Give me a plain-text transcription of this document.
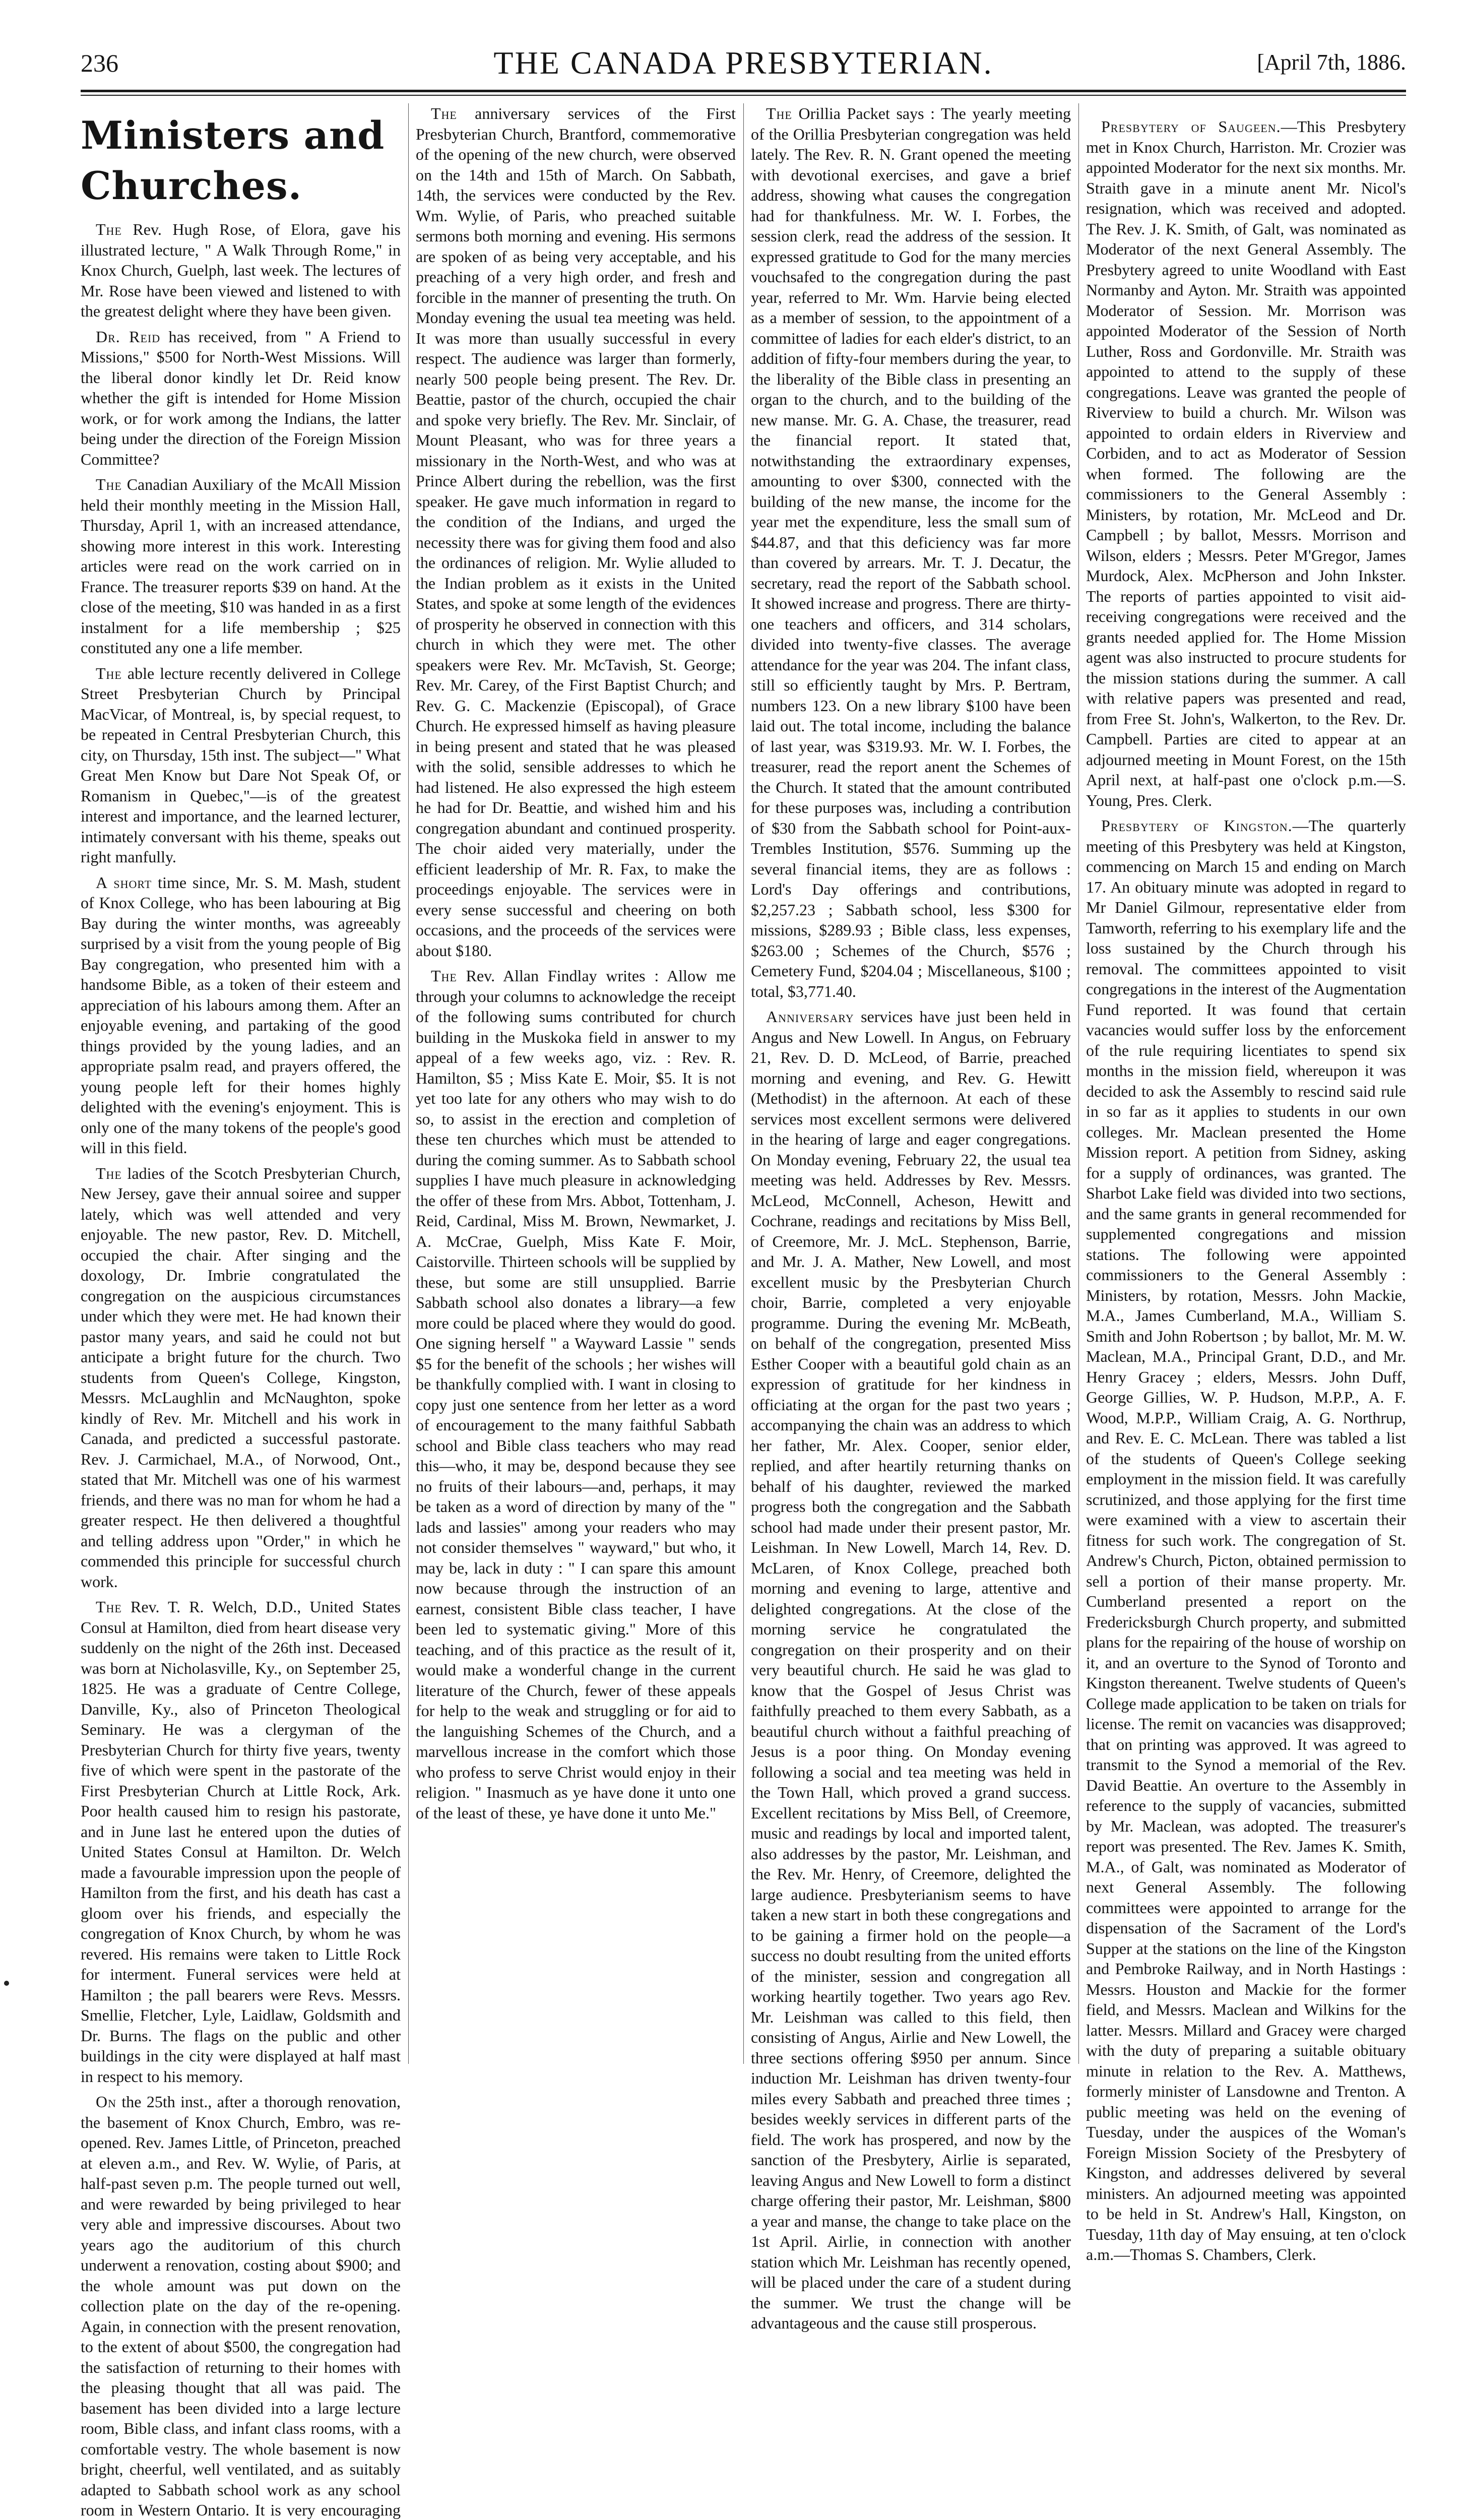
236	THE CANADA PRESBYTERIAN.	[April 7th, 1886.
Ministers and Churches.

The Rev. Hugh Rose, of Elora, gave his illustrated lecture, " A Walk Through Rome," in Knox Church, Guelph, last week. The lectures of Mr. Rose have been viewed and listened to with the greatest delight where they have been given.

Dr. Reid has received, from " A Friend to Missions," $500 for North-West Missions. Will the liberal donor kindly let Dr. Reid know whether the gift is intended for Home Mission work, or for work among the Indians, the latter being under the direction of the Foreign Mission Committee?

The Canadian Auxiliary of the McAll Mission held their monthly meeting in the Mission Hall, Thursday, April 1, with an increased attendance, showing more interest in this work. Interesting articles were read on the work carried on in France. The treasurer reports $39 on hand. At the close of the meeting, $10 was handed in as a first instalment for a life membership ; $25 constituted any one a life member.

The able lecture recently delivered in College Street Presbyterian Church by Principal MacVicar, of Montreal, is, by special request, to be repeated in Central Presbyterian Church, this city, on Thursday, 15th inst. The subject—" What Great Men Know but Dare Not Speak Of, or Romanism in Quebec,"—is of the greatest interest and importance, and the learned lecturer, intimately conversant with his theme, speaks out right manfully.

A short time since, Mr. S. M. Mash, student of Knox College, who has been labouring at Big Bay during the winter months, was agreeably surprised by a visit from the young people of Big Bay congregation, who presented him with a handsome Bible, as a token of their esteem and appreciation of his labours among them. After an enjoyable evening, and partaking of the good things provided by the young ladies, and an appropriate psalm read, and prayers offered, the young people left for their homes highly delighted with the evening's enjoyment. This is only one of the many tokens of the people's good will in this field.

The ladies of the Scotch Presbyterian Church, New Jersey, gave their annual soiree and supper lately, which was well attended and very enjoyable. The new pastor, Rev. D. Mitchell, occupied the chair. After singing and the doxology, Dr. Imbrie congratulated the congregation on the auspicious circumstances under which they were met. He had known their pastor many years, and said he could not but anticipate a bright future for the church. Two students from Queen's College, Kingston, Messrs. McLaughlin and McNaughton, spoke kindly of Rev. Mr. Mitchell and his work in Canada, and predicted a successful pastorate. Rev. J. Carmichael, M.A., of Norwood, Ont., stated that Mr. Mitchell was one of his warmest friends, and there was no man for whom he had a greater respect. He then delivered a thoughtful and telling address upon "Order," in which he commended this principle for successful church work.

The Rev. T. R. Welch, D.D., United States Consul at Hamilton, died from heart disease very suddenly on the night of the 26th inst. Deceased was born at Nicholasville, Ky., on September 25, 1825. He was a graduate of Centre College, Danville, Ky., also of Princeton Theological Seminary. He was a clergyman of the Presbyterian Church for thirty five years, twenty five of which were spent in the pastorate of the First Presbyterian Church at Little Rock, Ark. Poor health caused him to resign his pastorate, and in June last he entered upon the duties of United States Consul at Hamilton. Dr. Welch made a favourable impression upon the people of Hamilton from the first, and his death has cast a gloom over his friends, and especially the congregation of Knox Church, by whom he was revered. His remains were taken to Little Rock for interment. Funeral services were held at Hamilton ; the pall bearers were Revs. Messrs. Smellie, Fletcher, Lyle, Laidlaw, Goldsmith and Dr. Burns. The flags on the public and other buildings in the city were displayed at half mast in respect to his memory.

On the 25th inst., after a thorough renovation, the basement of Knox Church, Embro, was re-opened. Rev. James Little, of Princeton, preached at eleven a.m., and Rev. W. Wylie, of Paris, at half-past seven p.m. The people turned out well, and were rewarded by being privileged to hear very able and impressive discourses. About two years ago the auditorium of this church underwent a renovation, costing about $900; and the whole amount was put down on the collection plate on the day of the re-opening. Again, in connection with the present renovation, to the extent of about $500, the congregation had the satisfaction of returning to their homes with the pleasing thought that all was paid. The basement has been divided into a large lecture room, Bible class, and infant class rooms, with a comfortable vestry. The whole basement is now bright, cheerful, well ventilated, and as suitably adapted to Sabbath school work as any school room in Western Ontario. It is very encouraging

The anniversary services of the First Presbyterian Church, Brantford, commemorative of the opening of the new church, were observed on the 14th and 15th of March. On Sabbath, 14th, the services were conducted by the Rev. Wm. Wylie, of Paris, who preached suitable sermons both morning and evening. His sermons are spoken of as being very acceptable, and his preaching of a very high order, and fresh and forcible in the manner of presenting the truth. On Monday evening the usual tea meeting was held. It was more than usually successful in every respect. The audience was larger than formerly, nearly 500 people being present. The Rev. Dr. Beattie, pastor of the church, occupied the chair and spoke very briefly. The Rev. Mr. Sinclair, of Mount Pleasant, who was for three years a missionary in the North-West, and who was at Prince Albert during the rebellion, was the first speaker. He gave much information in regard to the condition of the Indians, and urged the necessity there was for giving them food and also the ordinances of religion. Mr. Wylie alluded to the Indian problem as it exists in the United States, and spoke at some length of the evidences of prosperity he observed in connection with this church in which they were met. The other speakers were Rev. Mr. McTavish, St. George; Rev. Mr. Carey, of the First Baptist Church; and Rev. G. C. Mackenzie (Episcopal), of Grace Church. He expressed himself as having pleasure in being present and stated that he was pleased with the solid, sensible addresses to which he had listened. He also expressed the high esteem he had for Dr. Beattie, and wished him and his congregation abundant and continued prosperity. The choir aided very materially, under the efficient leadership of Mr. R. Fax, to make the proceedings enjoyable. The services were in every sense successful and cheering on both occasions, and the proceeds of the services were about $180.

The Rev. Allan Findlay writes : Allow me through your columns to acknowledge the receipt of the following sums contributed for church building in the Muskoka field in answer to my appeal of a few weeks ago, viz. : Rev. R. Hamilton, $5 ; Miss Kate E. Moir, $5. It is not yet too late for any others who may wish to do so, to assist in the erection and completion of these ten churches which must be attended to during the coming summer. As to Sabbath school supplies I have much pleasure in acknowledging the offer of these from Mrs. Abbot, Tottenham, J. Reid, Cardinal, Miss M. Brown, Newmarket, J. A. McCrae, Guelph, Miss Kate F. Moir, Caistorville. Thirteen schools will be supplied by these, but some are still unsupplied. Barrie Sabbath school also donates a library—a few more could be placed where they would do good. One signing herself " a Wayward Lassie " sends $5 for the benefit of the schools ; her wishes will be thankfully complied with. I want in closing to copy just one sentence from her letter as a word of encouragement to the many faithful Sabbath school and Bible class teachers who may read this—who, it may be, despond because they see no fruits of their labours—and, perhaps, it may be taken as a word of direction by many of the " lads and lassies" among your readers who may not consider themselves " wayward," but who, it may be, lack in duty : " I can spare this amount now because through the instruction of an earnest, consistent Bible class teacher, I have been led to systematic giving." More of this teaching, and of this practice as the result of it, would make a wonderful change in the current literature of the Church, fewer of these appeals for help to the weak and struggling or for aid to the languishing Schemes of the Church, and a marvellous increase in the comfort which those who profess to serve Christ would enjoy in their religion. " Inasmuch as ye have done it unto one of the least of these, ye have done it unto Me."

The Orillia Packet says : The yearly meeting of the Orillia Presbyterian congregation was held lately. The Rev. R. N. Grant opened the meeting with devotional exercises, and gave a brief address, showing what causes the congregation had for thankfulness. Mr. W. I. Forbes, the session clerk, read the address of the session. It expressed gratitude to God for the many mercies vouchsafed to the congregation during the past year, referred to Mr. Wm. Harvie being elected as a member of session, to the appointment of a committee of ladies for each elder's district, to an addition of fifty-four members during the year, to the liberality of the Bible class in presenting an organ to the church, and to the building of the new manse. Mr. G. A. Chase, the treasurer, read the financial report. It stated that, notwithstanding the extraordinary expenses, amounting to over $300, connected with the building of the new manse, the income for the year met the expenditure, less the small sum of $44.87, and that this deficiency was far more than covered by arrears. Mr. T. J. Decatur, the secretary, read the report of the Sabbath school. It showed increase and progress. There are thirty-one teachers and officers, and 314 scholars, divided into twenty-five classes. The average attendance for the year was 204. The infant class, still so efficiently taught by Mrs. P. Bertram, numbers 123. On a new library $100 have been laid out. The total income, including the balance of last year, was $319.93. Mr. W. I. Forbes, the treasurer, read the report anent the Schemes of the Church. It stated that the amount contributed for these purposes was, including a contribution of $30 from the Sabbath school for Point-aux-Trembles Institution, $576. Summing up the several financial items, they are as follows : Lord's Day offerings and contributions, $2,257.23 ; Sabbath school, less $300 for missions, $289.93 ; Bible class, less expenses, $263.00 ; Schemes of the Church, $576 ; Cemetery Fund, $204.04 ; Miscellaneous, $100 ; total, $3,771.40.

Anniversary services have just been held in Angus and New Lowell. In Angus, on February 21, Rev. D. D. McLeod, of Barrie, preached morning and evening, and Rev. G. Hewitt (Methodist) in the afternoon. At each of these services most excellent sermons were delivered in the hearing of large and eager congregations. On Monday evening, February 22, the usual tea meeting was held. Addresses by Rev. Messrs. McLeod, McConnell, Acheson, Hewitt and Cochrane, readings and recitations by Miss Bell, of Creemore, Mr. J. McL. Stephenson, Barrie, and Mr. J. A. Mather, New Lowell, and most excellent music by the Presbyterian Church choir, Barrie, completed a very enjoyable programme. During the evening Mr. McBeath, on behalf of the congregation, presented Miss Esther Cooper with a beautiful gold chain as an expression of gratitude for her kindness in officiating at the organ for the past two years ; accompanying the chain was an address to which her father, Mr. Alex. Cooper, senior elder, replied, and after heartily returning thanks on behalf of his daughter, reviewed the marked progress both the congregation and the Sabbath school had made under their present pastor, Mr. Leishman. In New Lowell, March 14, Rev. D. McLaren, of Knox College, preached both morning and evening to large, attentive and delighted congregations. At the close of the morning service he congratulated the congregation on their prosperity and on their very beautiful church. He said he was glad to know that the Gospel of Jesus Christ was faithfully preached to them every Sabbath, as a beautiful church without a faithful preaching of Jesus is a poor thing. On Monday evening following a social and tea meeting was held in the Town Hall, which proved a grand success. Excellent recitations by Miss Bell, of Creemore, music and readings by local and imported talent, also addresses by the pastor, Mr. Leishman, and the Rev. Mr. Henry, of Creemore, delighted the large audience. Presbyterianism seems to have taken a new start in both these congregations and to be gaining a firmer hold on the people—a success no doubt resulting from the united efforts of the minister, session and congregation all working heartily together. Two years ago Rev. Mr. Leishman was called to this field, then consisting of Angus, Airlie and New Lowell, the three sections offering $950 per annum. Since induction Mr. Leishman has driven twenty-four miles every Sabbath and preached three times ; besides weekly services in different parts of the field. The work has prospered, and now by the sanction of the Presbytery, Airlie is separated, leaving Angus and New Lowell to form a distinct charge offering their pastor, Mr. Leishman, $800 a year and manse, the change to take place on the 1st April. Airlie, in connection with another station which Mr. Leishman has recently opened, will be placed under the care of a student during the summer. We trust the change will be advantageous and the cause still prosperous.

Presbytery of Saugeen.—This Presbytery met in Knox Church, Harriston. Mr. Crozier was appointed Moderator for the next six months. Mr. Straith gave in a minute anent Mr. Nicol's resignation, which was received and adopted. The Rev. J. K. Smith, of Galt, was nominated as Moderator of the next General Assembly. The Presbytery agreed to unite Woodland with East Normanby and Ayton. Mr. Straith was appointed Moderator of Session. Mr. Morrison was appointed Moderator of the Session of North Luther, Ross and Gordonville. Mr. Straith was appointed to attend to the supply of these congregations. Leave was granted the people of Riverview to build a church. Mr. Wilson was appointed to ordain elders in Riverview and Corbiden, and to act as Moderator of Session when formed. The following are the commissioners to the General Assembly : Ministers, by rotation, Mr. McLeod and Dr. Campbell ; by ballot, Messrs. Morrison and Wilson, elders ; Messrs. Peter M'Gregor, James Murdock, Alex. McPherson and John Inkster. The reports of parties appointed to visit aid-receiving congregations were received and the grants needed applied for. The Home Mission agent was also instructed to procure students for the mission stations during the summer. A call with relative papers was presented and read, from Free St. John's, Walkerton, to the Rev. Dr. Campbell. Parties are cited to appear at an adjourned meeting in Mount Forest, on the 15th April next, at half-past one o'clock p.m.—S. Young, Pres. Clerk.

Presbytery of Kingston.—The quarterly meeting of this Presbytery was held at Kingston, commencing on March 15 and ending on March 17. An obituary minute was adopted in regard to Mr Daniel Gilmour, representative elder from Tamworth, referring to his exemplary life and the loss sustained by the Church through his removal. The committees appointed to visit congregations in the interest of the Augmentation Fund reported. It was found that certain vacancies would suffer loss by the enforcement of the rule requiring licentiates to spend six months in the mission field, whereupon it was decided to ask the Assembly to rescind said rule in so far as it applies to students in our own colleges. Mr. Maclean presented the Home Mission report. A petition from Sidney, asking for a supply of ordinances, was granted. The Sharbot Lake field was divided into two sections, and the same grants in general recommended for supplemented congregations and mission stations. The following were appointed commissioners to the General Assembly : Ministers, by rotation, Messrs. John Mackie, M.A., James Cumberland, M.A., William S. Smith and John Robertson ; by ballot, Mr. M. W. Maclean, M.A., Principal Grant, D.D., and Mr. Henry Gracey ; elders, Messrs. John Duff, George Gillies, W. P. Hudson, M.P.P., A. F. Wood, M.P.P., William Craig, A. G. Northrup, and Rev. E. C. McLean. There was tabled a list of the students of Queen's College seeking employment in the mission field. It was carefully scrutinized, and those applying for the first time were examined with a view to ascertain their fitness for such work. The congregation of St. Andrew's Church, Picton, obtained permission to sell a portion of their manse property. Mr. Cumberland presented a report on the Fredericksburgh Church property, and submitted plans for the repairing of the house of worship on it, and an overture to the Synod of Toronto and Kingston thereanent. Twelve students of Queen's College made application to be taken on trials for license. The remit on vacancies was disapproved; that on printing was approved. It was agreed to transmit to the Synod a memorial of the Rev. David Beattie. An overture to the Assembly in reference to the supply of vacancies, submitted by Mr. Maclean, was adopted. The treasurer's report was presented. The Rev. James K. Smith, M.A., of Galt, was nominated as Moderator of next General Assembly. The following committees were appointed to arrange for the dispensation of the Sacrament of the Lord's Supper at the stations on the line of the Kingston and Pembroke Railway, and in North Hastings : Messrs. Houston and Mackie for the former field, and Messrs. Maclean and Wilkins for the latter. Messrs. Millard and Gracey were charged with the duty of preparing a suitable obituary minute in relation to the Rev. A. Matthews, formerly minister of Lansdowne and Trenton. A public meeting was held on the evening of Tuesday, under the auspices of the Woman's Foreign Mission Society of the Presbytery of Kingston, and addresses delivered by several ministers. An adjourned meeting was appointed to be held in St. Andrew's Hall, Kingston, on Tuesday, 11th day of May ensuing, at ten o'clock a.m.—Thomas S. Chambers, Clerk.
